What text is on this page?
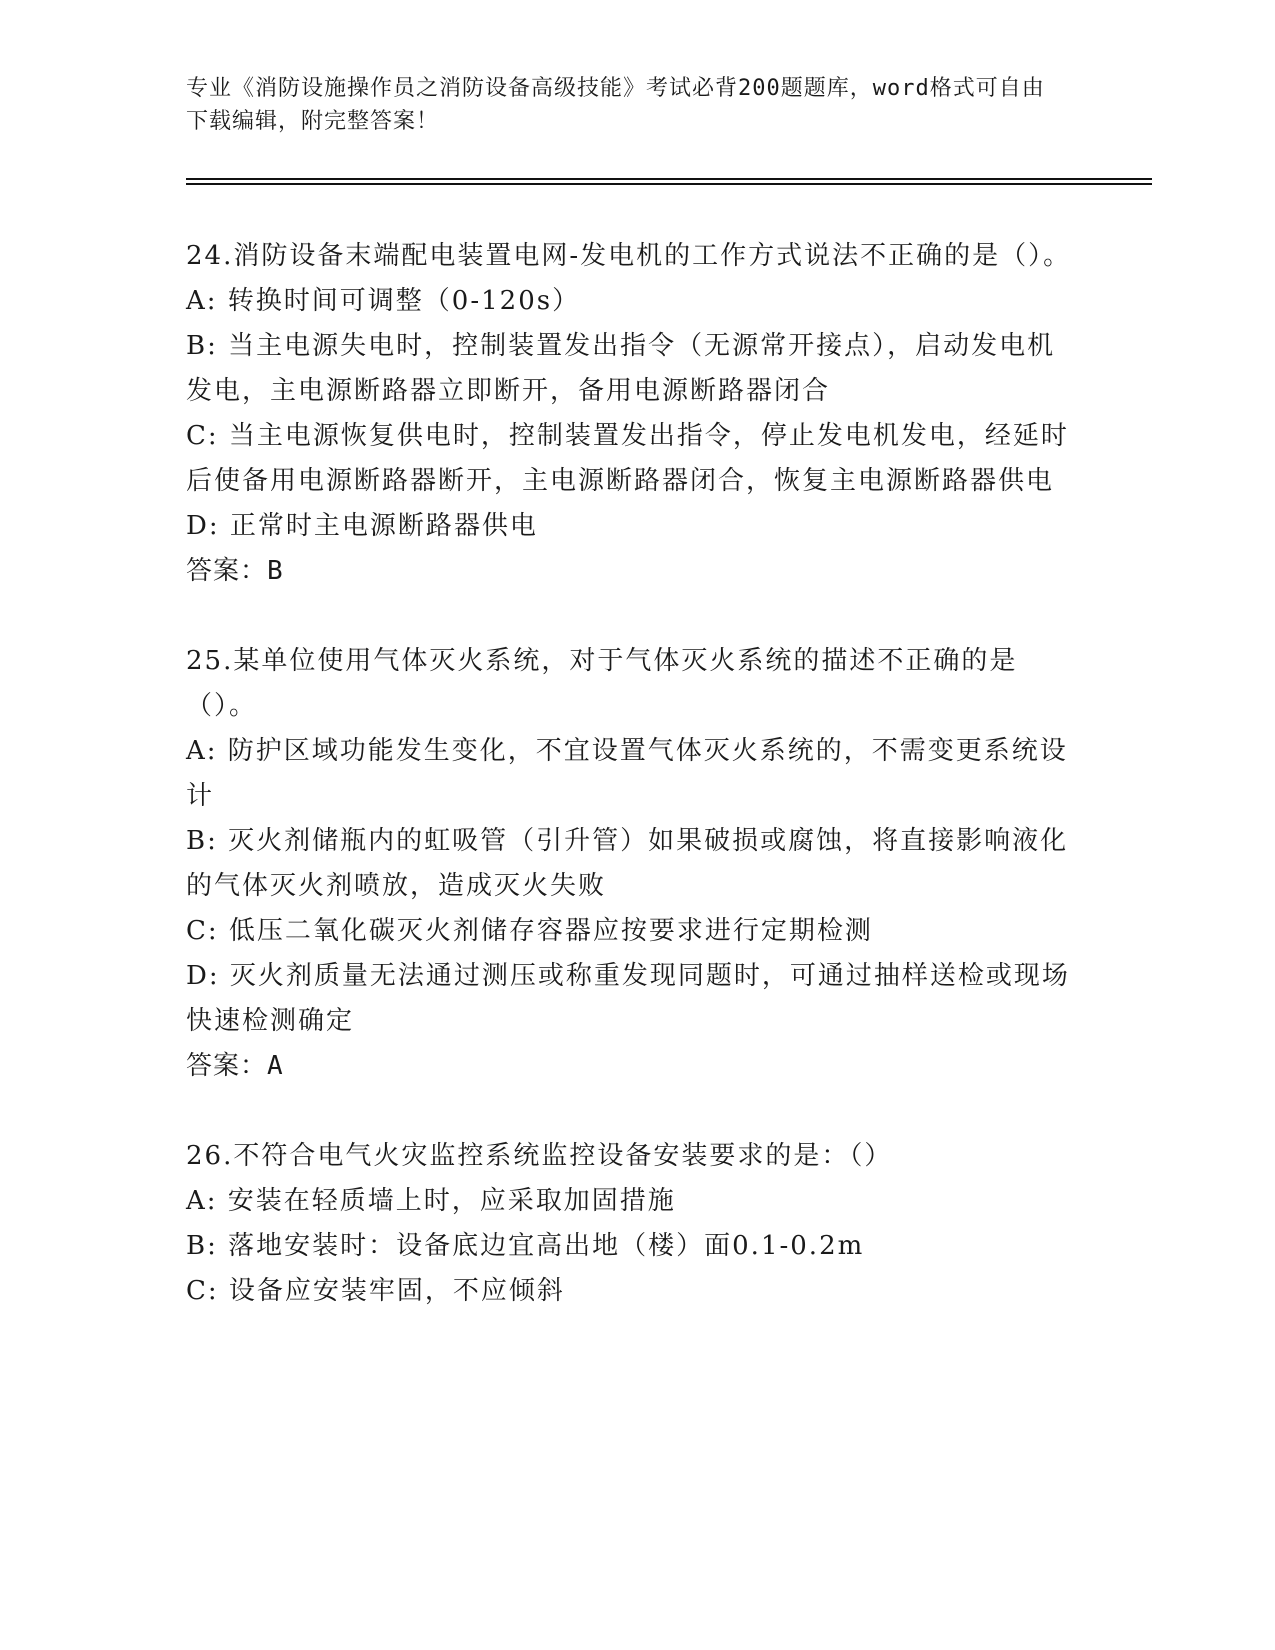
专业《消防设施操作员之消防设备高级技能》考试必背200题题库，word格式可自由下载编辑，附完整答案！

24.消防设备末端配电装置电网-发电机的工作方式说法不正确的是（）。

A: 转换时间可调整（0-120s）

B: 当主电源失电时，控制装置发出指令（无源常开接点），启动发电机发电，主电源断路器立即断开，备用电源断路器闭合

C: 当主电源恢复供电时，控制装置发出指令，停止发电机发电，经延时后使备用电源断路器断开，主电源断路器闭合，恢复主电源断路器供电

D: 正常时主电源断路器供电

答案：B

25.某单位使用气体灭火系统，对于气体灭火系统的描述不正确的是（）。

A: 防护区域功能发生变化，不宜设置气体灭火系统的，不需变更系统设计

B: 灭火剂储瓶内的虹吸管（引升管）如果破损或腐蚀，将直接影响液化的气体灭火剂喷放，造成灭火失败

C: 低压二氧化碳灭火剂储存容器应按要求进行定期检测

D: 灭火剂质量无法通过测压或称重发现同题时，可通过抽样送检或现场快速检测确定

答案：A

26.不符合电气火灾监控系统监控设备安装要求的是：（）

A: 安装在轻质墙上时，应采取加固措施

B: 落地安装时：设备底边宜高出地（楼）面0.1-0.2m

C: 设备应安装牢固，不应倾斜
